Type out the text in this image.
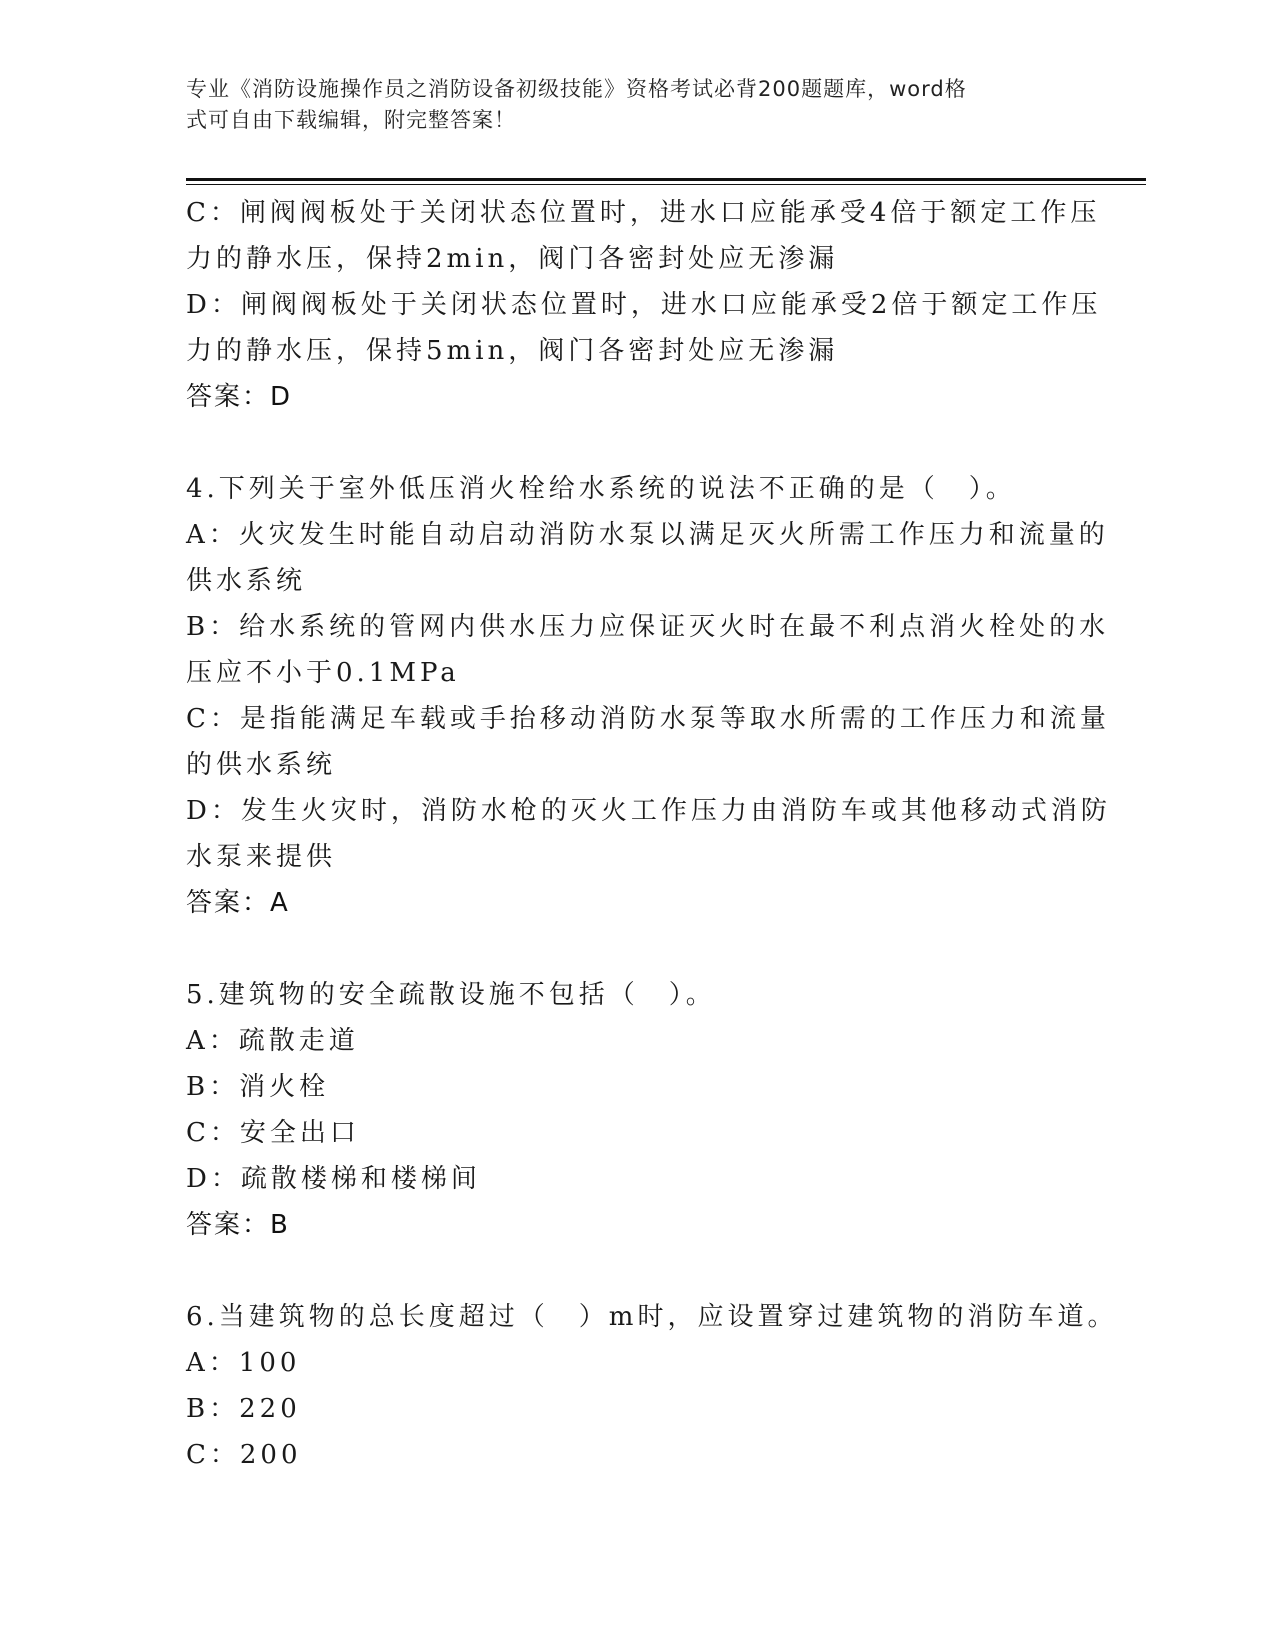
专业《消防设施操作员之消防设备初级技能》资格考试必背200题题库，word格
式可自由下载编辑，附完整答案！
C：闸阀阀板处于关闭状态位置时，进水口应能承受4倍于额定工作压
力的静水压，保持2min，阀门各密封处应无渗漏
D：闸阀阀板处于关闭状态位置时，进水口应能承受2倍于额定工作压
力的静水压，保持5min，阀门各密封处应无渗漏
答案：D
4.下列关于室外低压消火栓给水系统的说法不正确的是（　）。
A：火灾发生时能自动启动消防水泵以满足灭火所需工作压力和流量的
供水系统
B：给水系统的管网内供水压力应保证灭火时在最不利点消火栓处的水
压应不小于0.1MPa
C：是指能满足车载或手抬移动消防水泵等取水所需的工作压力和流量
的供水系统
D：发生火灾时，消防水枪的灭火工作压力由消防车或其他移动式消防
水泵来提供
答案：A
5.建筑物的安全疏散设施不包括（　）。
A：疏散走道
B：消火栓
C：安全出口
D：疏散楼梯和楼梯间
答案：B
6.当建筑物的总长度超过（　）m时，应设置穿过建筑物的消防车道。
A：100
B：220
C：200
